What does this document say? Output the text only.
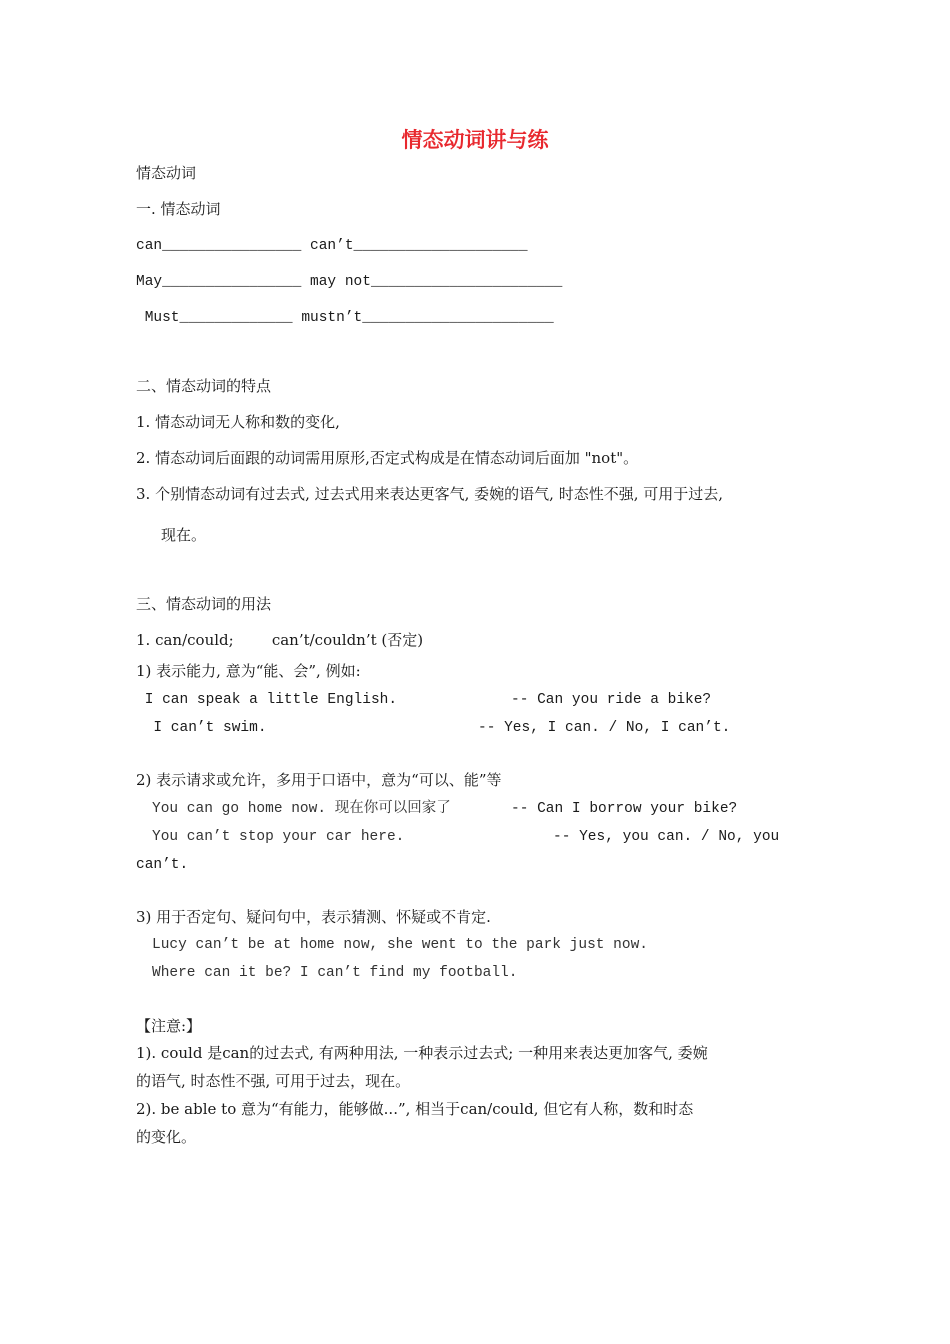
情态动词讲与练
情态动词
一. 情态动词
can________________ can’t____________________
May________________ may not______________________
Must_____________ mustn’t______________________
二、情态动词的特点
1. 情态动词无人称和数的变化,
2. 情态动词后面跟的动词需用原形,否定式构成是在情态动词后面加 "not"。
3. 个别情态动词有过去式, 过去式用来表达更客气, 委婉的语气, 时态性不强, 可用于过去,
现在。
三、情态动词的用法
1. can/could;        can’t/couldn’t (否定)
1) 表示能力, 意为“能、会”, 例如:
I can speak a little English.	-- Can you ride a bike?
I can’t swim.	-- Yes, I can. / No, I can’t.
2) 表示请求或允许，多用于口语中，意为“可以、能”等
You can go home now. 现在你可以回家了	-- Can I borrow your bike?
You can’t stop your car here.	-- Yes, you can. / No, you
can’t.
3) 用于否定句、疑问句中，表示猜测、怀疑或不肯定.
Lucy can’t be at home now, she went to the park just now.
Where can it be? I can’t find my football.
【注意:】
1). could 是can的过去式, 有两种用法, 一种表示过去式; 一种用来表达更加客气, 委婉
的语气, 时态性不强, 可用于过去，现在。
2). be able to 意为“有能力，能够做...”, 相当于can/could, 但它有人称，数和时态
的变化。
